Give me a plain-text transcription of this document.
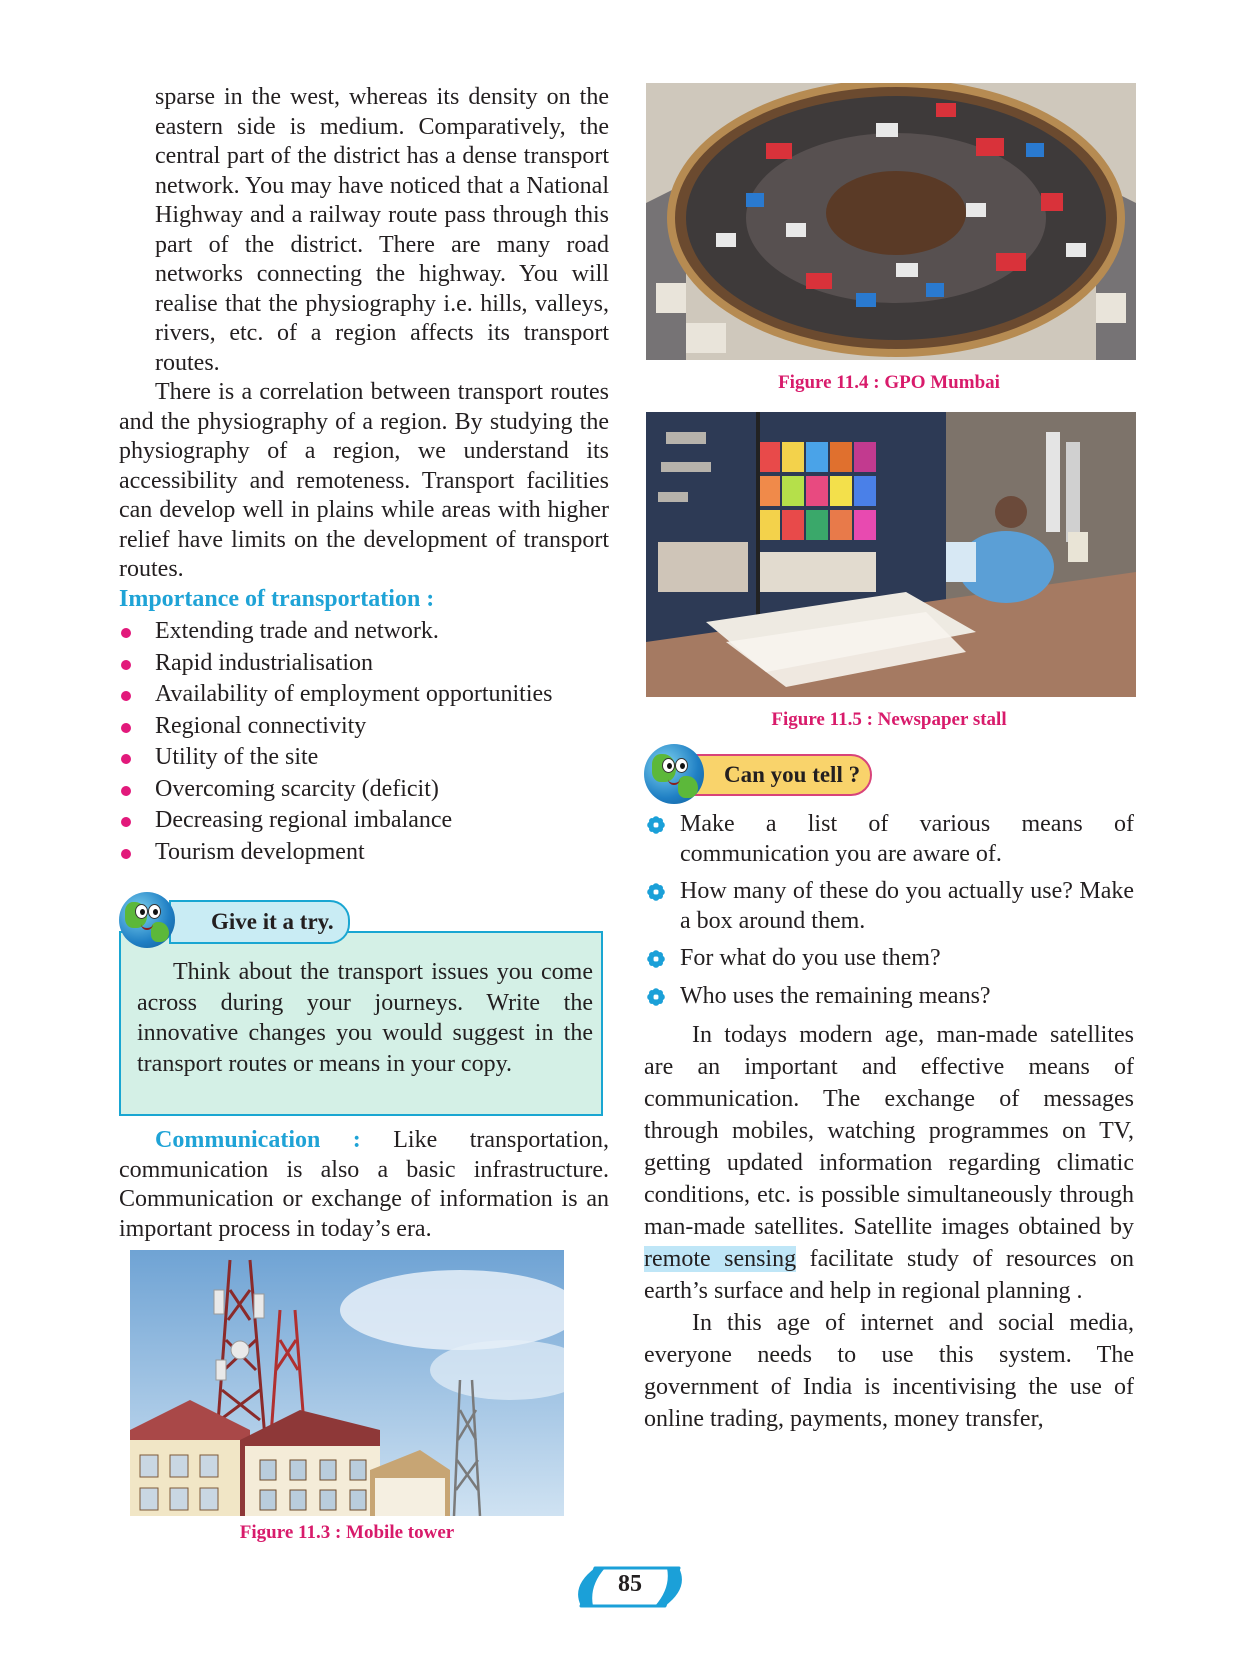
sparse in the west, whereas its density on the eastern side is medium. Comparatively, the central part of the district has a dense transport network. You may have noticed that a National Highway and a railway route pass through this part of the district. There are many road networks connecting the highway. You will realise that the physiography i.e. hills, valleys, rivers, etc. of a region affects its transport routes.

There is a correlation between transport routes and the physiography of a region. By studying the physiography of a region, we understand its accessibility and remoteness. Transport facilities can develop well in plains while areas with higher relief have limits on the development of transport routes.

Importance of transportation :
Extending trade and network.
Rapid industrialisation
Availability of employment opportunities
Regional connectivity
Utility of the site
Overcoming scarcity (deficit)
Decreasing regional imbalance
Tourism development

Think about the transport issues you come across during your journeys. Write the innovative changes you would suggest in the transport routes or means in your copy.

Give it a try.

Communication : Like transportation, communication is also a basic infrastructure. Communication or exchange of information is an important process in today’s era.

Figure 11.3 : Mobile tower
Figure 11.4 : GPO Mumbai
Figure 11.5 : Newspaper stall
Can you tell ?

Make a list of various means of communication you are aware of.

How many of these do you actually use? Make a box around them.

For what do you use them?

Who uses the remaining means?

In todays modern age, man-made satellites are an important and effective means of communication. The exchange of messages through mobiles, watching programmes on TV, getting updated information regarding climatic conditions, etc. is possible simultaneously through man-made satellites. Satellite images obtained by remote sensing facilitate study of resources on earth’s surface and help in regional planning .

In this age of internet and social media, everyone needs to use this system. The government of India is incentivising the use of online trading, payments, money transfer,

85
